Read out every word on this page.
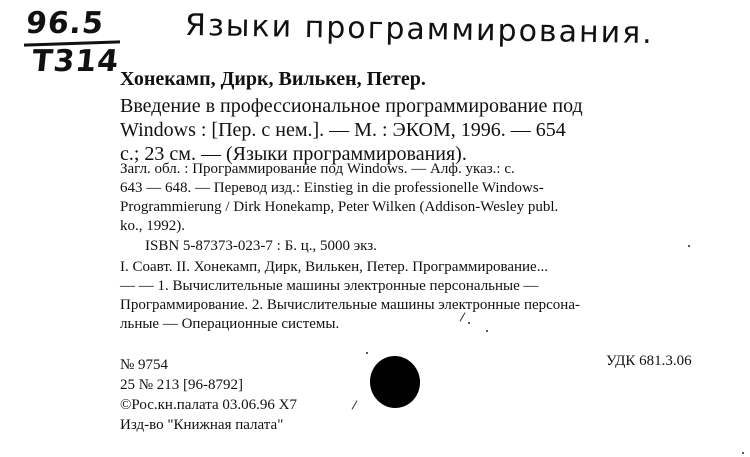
96.5
Т314
Языки программирования.
Хонекамп, Дирк, Вилькен, Петер.
Введение в профессиональное программирование под
Windows : [Пер. с нем.]. — М. : ЭКОМ, 1996. — 654
с.; 23 см. — (Языки программирования).
Загл. обл. : Программирование под Windows. — Алф. указ.: с.
643 — 648. — Перевод изд.: Einstieg in die professionelle Windows-
Programmierung / Dirk Honekamp, Peter Wilken (Addison-Wesley publ.
ko., 1992).
ISBN 5-87373-023-7 : Б. ц., 5000 экз.
I. Соавт. II. Хонекамп, Дирк, Вилькен, Петер. Программирование...
— — 1. Вычислительные машины электронные персональные —
Программирование. 2. Вычислительные машины электронные персона-
льные — Операционные системы.
№ 9754
25 № 213 [96-8792]
©Рос.кн.палата 03.06.96 Х7
Изд-во "Книжная палата"
УДК 681.3.06
